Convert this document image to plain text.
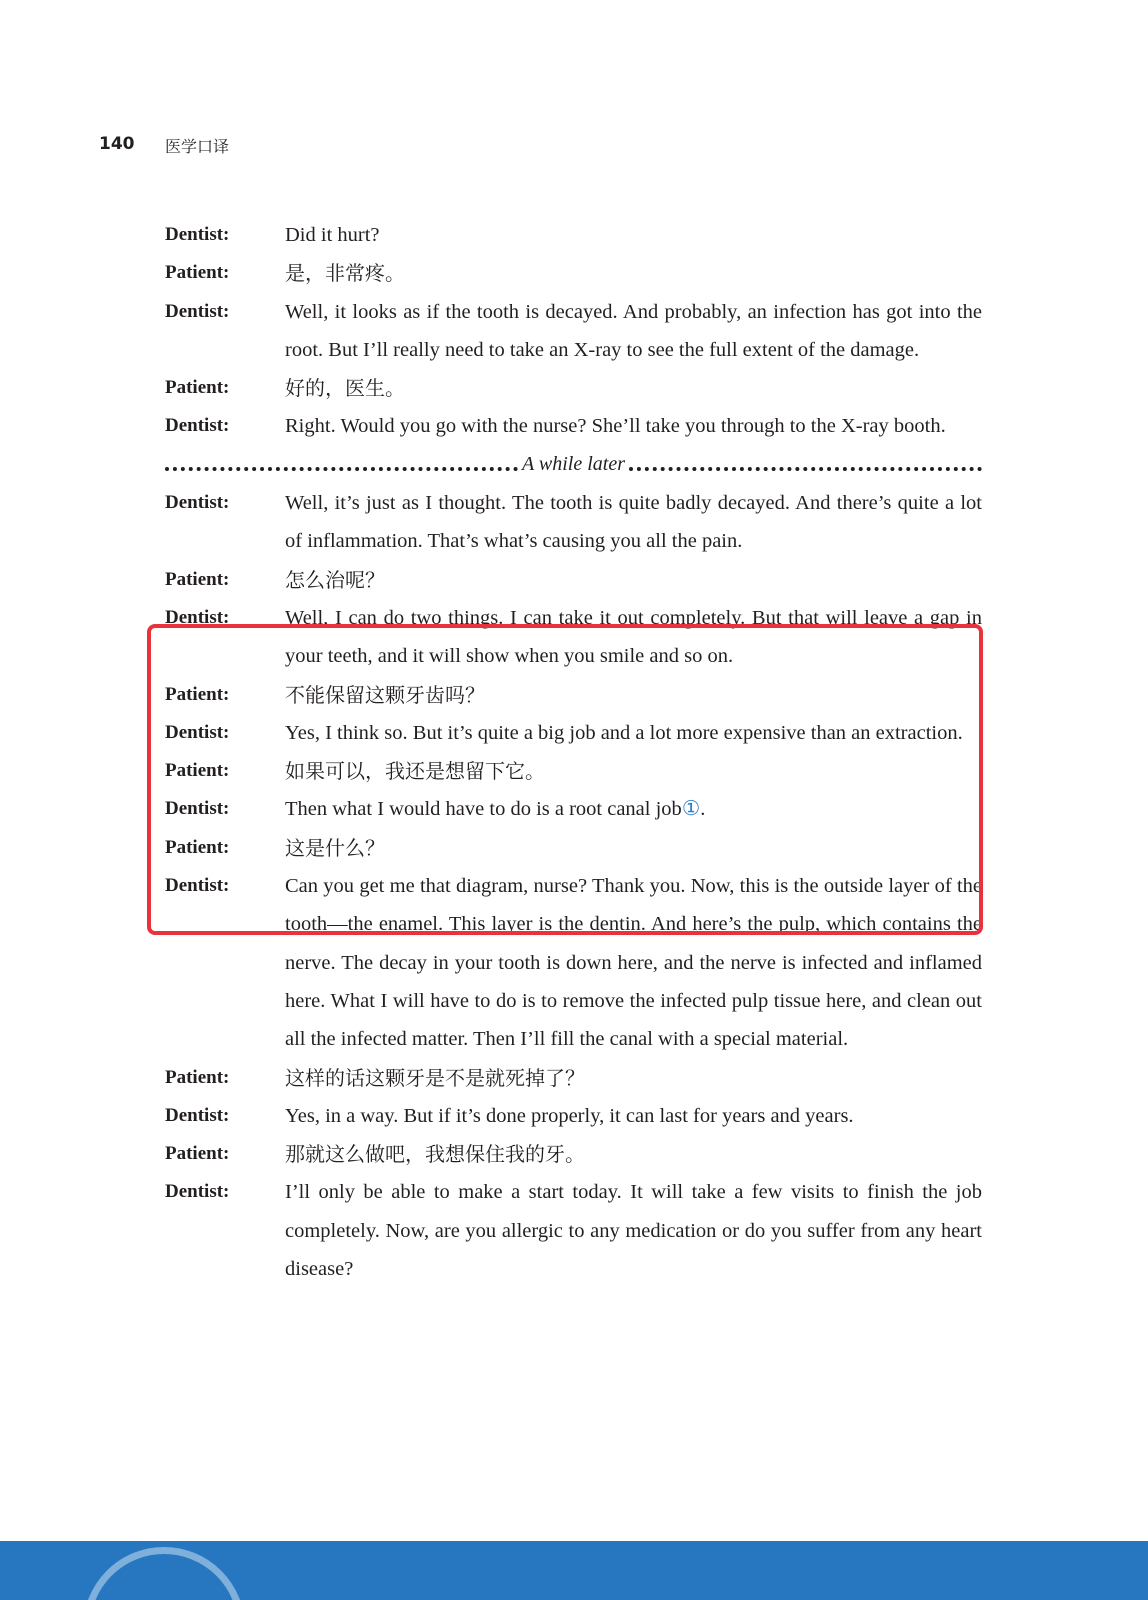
140 医学口译
Dentist:	Did it hurt?
Patient:	是，非常疼。
Dentist:	Well, it looks as if the tooth is decayed. And probably, an infection has got into the root. But I’ll really need to take an X-ray to see the full extent of the damage.
Patient:	好的，医生。
Dentist:	Right. Would you go with the nurse? She’ll take you through to the X-ray booth.
A while later
Dentist:	Well, it’s just as I thought. The tooth is quite badly decayed. And there’s quite a lot of inflammation. That’s what’s causing you all the pain.
Patient:	怎么治呢？
Dentist:	Well, I can do two things. I can take it out completely. But that will leave a gap in your teeth, and it will show when you smile and so on.
Patient:	不能保留这颗牙齿吗？
Dentist:	Yes, I think so. But it’s quite a big job and a lot more expensive than an extraction.
Patient:	如果可以，我还是想留下它。
Dentist:	Then what I would have to do is a root canal job①.
Patient:	这是什么？
Dentist:	Can you get me that diagram, nurse? Thank you. Now, this is the outside layer of the tooth—the enamel. This layer is the dentin. And here’s the pulp, which contains the nerve. The decay in your tooth is down here, and the nerve is infected and inflamed here. What I will have to do is to remove the infected pulp tissue here, and clean out all the infected matter. Then I’ll fill the canal with a special material.
Patient:	这样的话这颗牙是不是就死掉了？
Dentist:	Yes, in a way. But if it’s done properly, it can last for years and years.
Patient:	那就这么做吧，我想保住我的牙。
Dentist:	I’ll only be able to make a start today. It will take a few visits to finish the job completely. Now, are you allergic to any medication or do you suffer from any heart disease?
